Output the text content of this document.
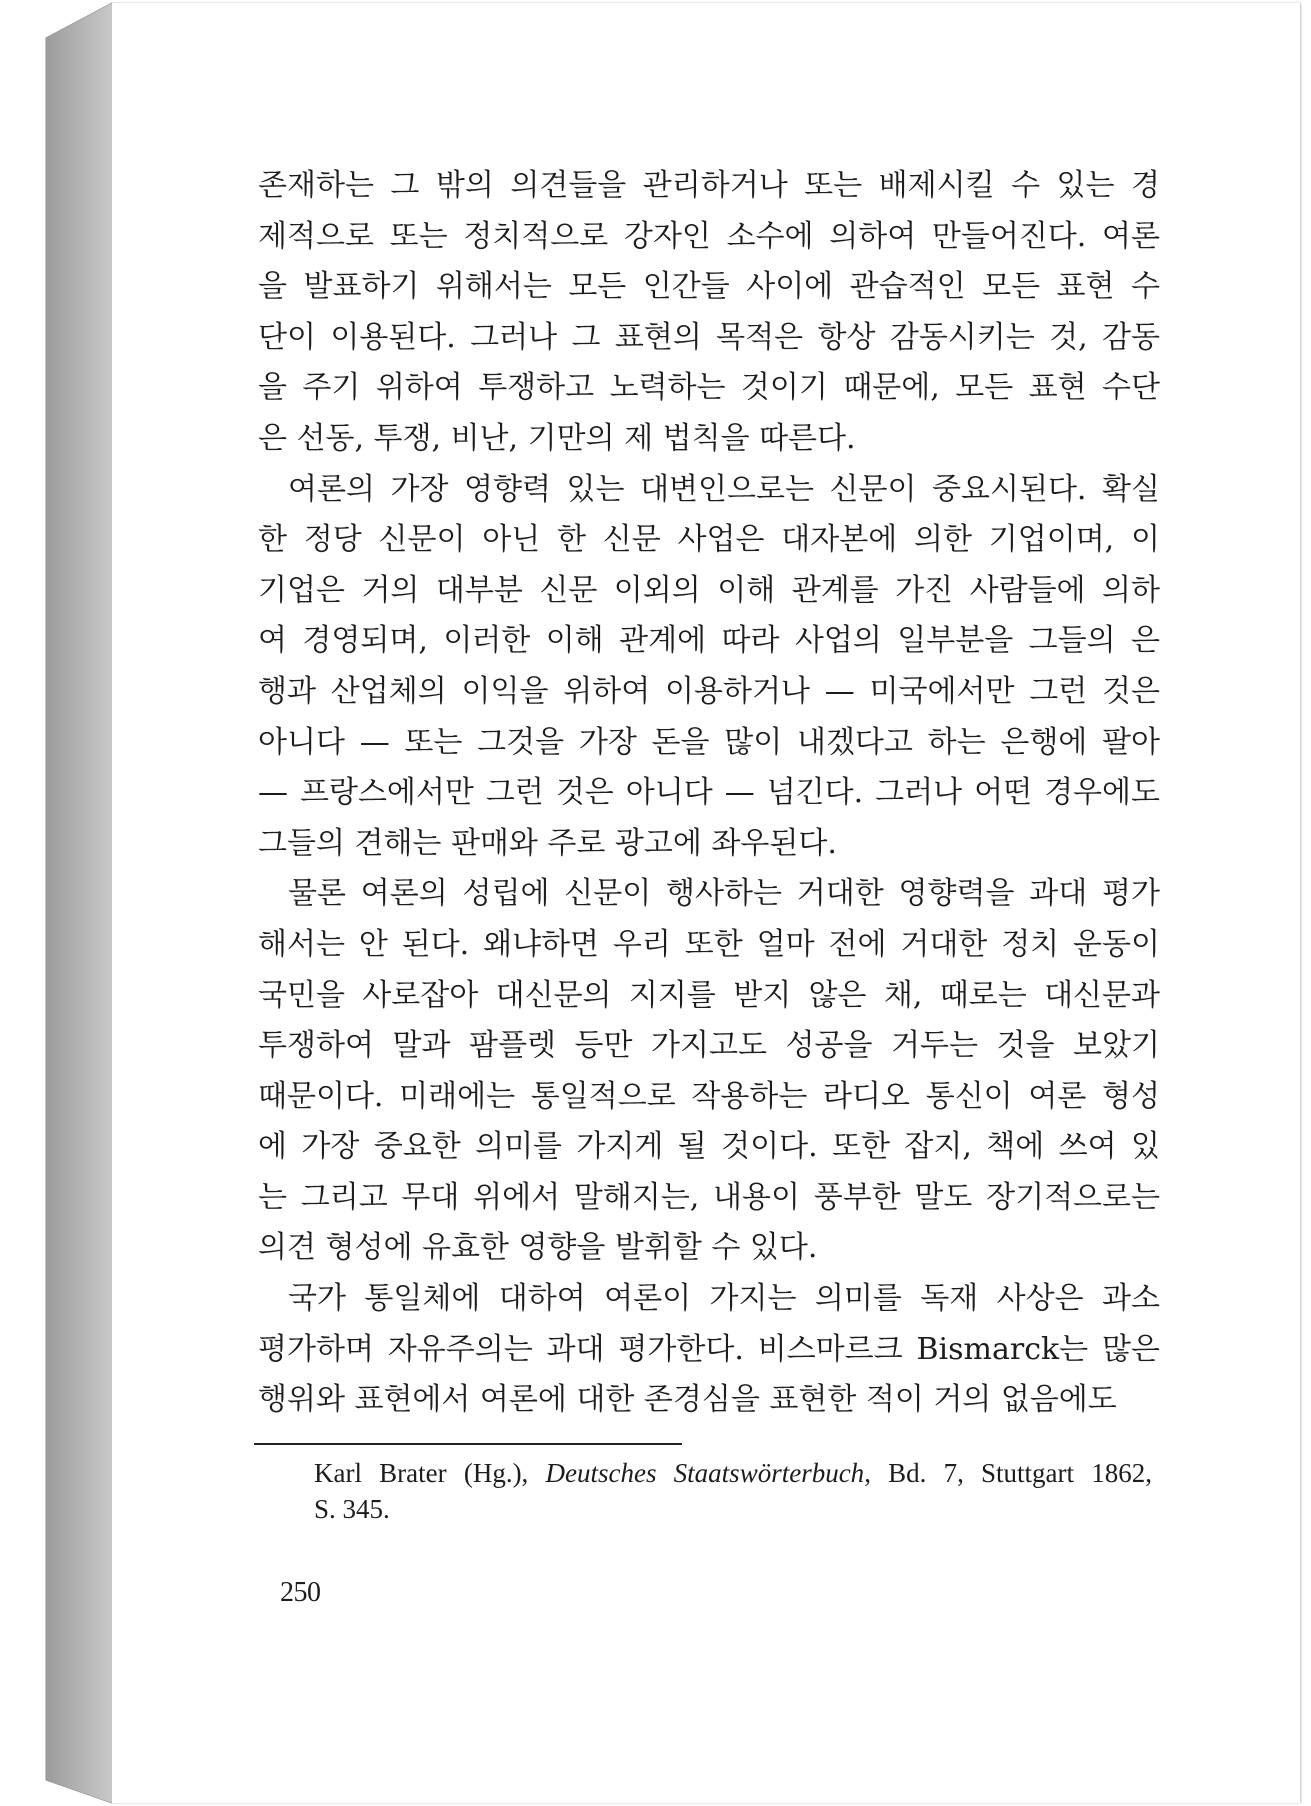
존재하는 그 밖의 의견들을 관리하거나 또는 배제시킬 수 있는 경
제적으로 또는 정치적으로 강자인 소수에 의하여 만들어진다. 여론
을 발표하기 위해서는 모든 인간들 사이에 관습적인 모든 표현 수
단이 이용된다. 그러나 그 표현의 목적은 항상 감동시키는 것, 감동
을 주기 위하여 투쟁하고 노력하는 것이기 때문에, 모든 표현 수단
은 선동, 투쟁, 비난, 기만의 제 법칙을 따른다.
여론의 가장 영향력 있는 대변인으로는 신문이 중요시된다. 확실
한 정당 신문이 아닌 한 신문 사업은 대자본에 의한 기업이며, 이
기업은 거의 대부분 신문 이외의 이해 관계를 가진 사람들에 의하
여 경영되며, 이러한 이해 관계에 따라 사업의 일부분을 그들의 은
행과 산업체의 이익을 위하여 이용하거나 — 미국에서만 그런 것은
아니다 — 또는 그것을 가장 돈을 많이 내겠다고 하는 은행에 팔아
— 프랑스에서만 그런 것은 아니다 — 넘긴다. 그러나 어떤 경우에도
그들의 견해는 판매와 주로 광고에 좌우된다.
물론 여론의 성립에 신문이 행사하는 거대한 영향력을 과대 평가
해서는 안 된다. 왜냐하면 우리 또한 얼마 전에 거대한 정치 운동이
국민을 사로잡아 대신문의 지지를 받지 않은 채, 때로는 대신문과
투쟁하여 말과 팜플렛 등만 가지고도 성공을 거두는 것을 보았기
때문이다. 미래에는 통일적으로 작용하는 라디오 통신이 여론 형성
에 가장 중요한 의미를 가지게 될 것이다. 또한 잡지, 책에 쓰여 있
는 그리고 무대 위에서 말해지는, 내용이 풍부한 말도 장기적으로는
의견 형성에 유효한 영향을 발휘할 수 있다.
국가 통일체에 대하여 여론이 가지는 의미를 독재 사상은 과소
평가하며 자유주의는 과대 평가한다. 비스마르크 Bismarck는 많은
행위와 표현에서 여론에 대한 존경심을 표현한 적이 거의 없음에도
Karl Brater (Hg.), Deutsches Staatswörterbuch, Bd. 7, Stuttgart 1862,
S. 345.
250
